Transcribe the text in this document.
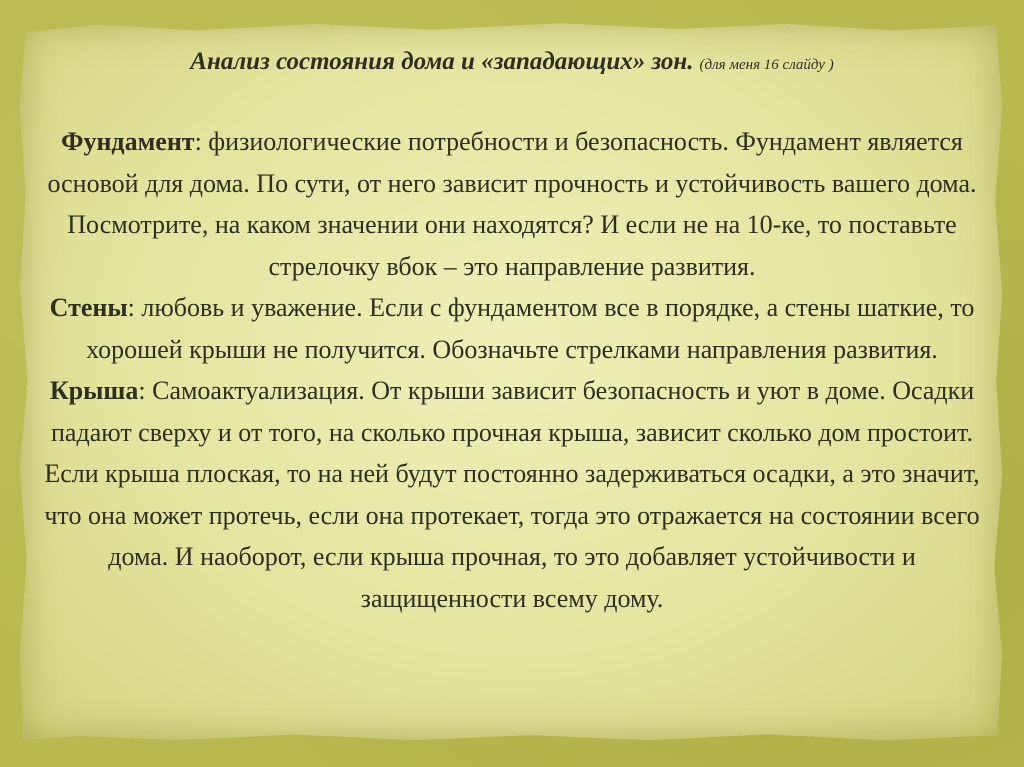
Анализ состояния дома и «западающих» зон. (для меня 16 слайду )

Фундамент: физиологические потребности и безопасность. Фундамент является основой для дома. По сути, от него зависит прочность и устойчивость вашего дома. Посмотрите, на каком значении они находятся? И если не на 10-ке, то поставьте стрелочку вбок – это направление развития.

Стены: любовь и уважение. Если с фундаментом все в порядке, а стены шаткие, то хорошей крыши не получится. Обозначьте стрелками направления развития.

Крыша: Самоактуализация. От крыши зависит безопасность и уют в доме. Осадки падают сверху и от того, на сколько прочная крыша, зависит сколько дом простоит. Если крыша плоская, то на ней будут постоянно задерживаться осадки, а это значит, что она может протечь, если она протекает, тогда это отражается на состоянии всего дома. И наоборот, если крыша прочная, то это добавляет устойчивости и защищенности всему дому.
